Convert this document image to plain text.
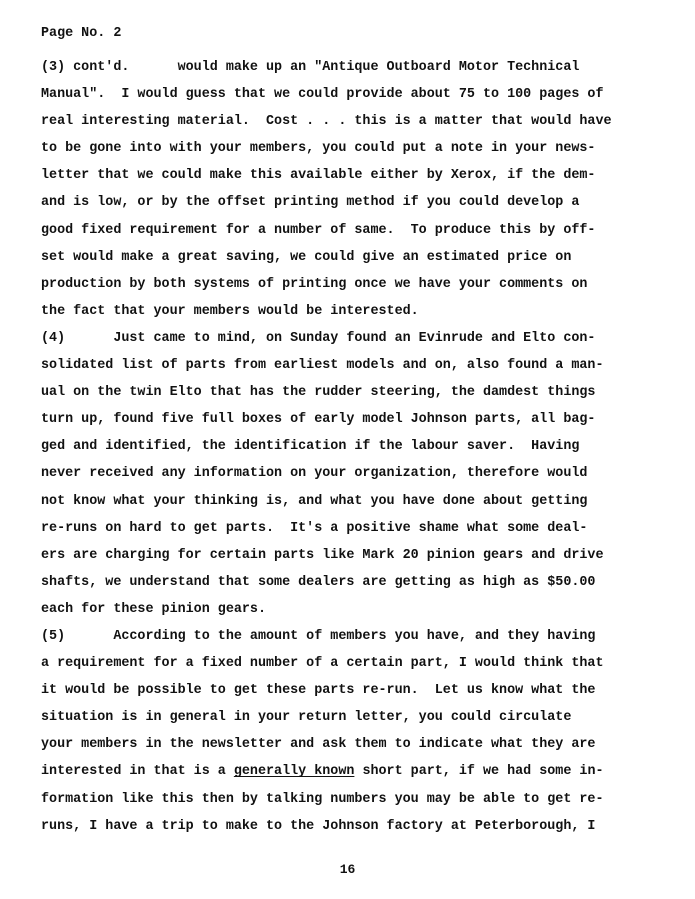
Page No. 2
(3) cont'd.      would make up an "Antique Outboard Motor Technical
Manual".  I would guess that we could provide about 75 to 100 pages of
real interesting material.  Cost . . . this is a matter that would have
to be gone into with your members, you could put a note in your news-
letter that we could make this available either by Xerox, if the dem-
and is low, or by the offset printing method if you could develop a
good fixed requirement for a number of same.  To produce this by off-
set would make a great saving, we could give an estimated price on
production by both systems of printing once we have your comments on
the fact that your members would be interested.
(4)      Just came to mind, on Sunday found an Evinrude and Elto con-
solidated list of parts from earliest models and on, also found a man-
ual on the twin Elto that has the rudder steering, the damdest things
turn up, found five full boxes of early model Johnson parts, all bag-
ged and identified, the identification if the labour saver.  Having
never received any information on your organization, therefore would
not know what your thinking is, and what you have done about getting
re-runs on hard to get parts.  It's a positive shame what some deal-
ers are charging for certain parts like Mark 20 pinion gears and drive
shafts, we understand that some dealers are getting as high as $50.00
each for these pinion gears.
(5)      According to the amount of members you have, and they having
a requirement for a fixed number of a certain part, I would think that
it would be possible to get these parts re-run.  Let us know what the
situation is in general in your return letter, you could circulate
your members in the newsletter and ask them to indicate what they are
interested in that is a generally known short part, if we had some in-
formation like this then by talking numbers you may be able to get re-
runs, I have a trip to make to the Johnson factory at Peterborough, I
16
